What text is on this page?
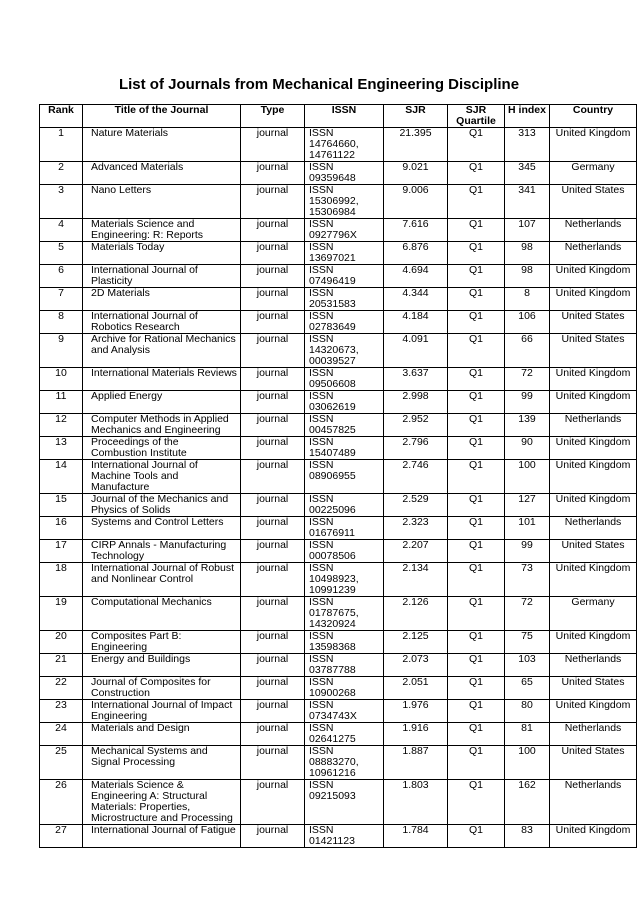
List of Journals from Mechanical Engineering Discipline
Rank	Title of the Journal	Type	ISSN	SJR	SJR Quartile	H index	Country
1	Nature Materials	journal	ISSN 14764660, 14761122	21.395	Q1	313	United Kingdom
2	Advanced Materials	journal	ISSN 09359648	9.021	Q1	345	Germany
3	Nano Letters	journal	ISSN 15306992, 15306984	9.006	Q1	341	United States
4	Materials Science and Engineering: R: Reports	journal	ISSN 0927796X	7.616	Q1	107	Netherlands
5	Materials Today	journal	ISSN 13697021	6.876	Q1	98	Netherlands
6	International Journal of Plasticity	journal	ISSN 07496419	4.694	Q1	98	United Kingdom
7	2D Materials	journal	ISSN 20531583	4.344	Q1	8	United Kingdom
8	International Journal of Robotics Research	journal	ISSN 02783649	4.184	Q1	106	United States
9	Archive for Rational Mechanics and Analysis	journal	ISSN 14320673, 00039527	4.091	Q1	66	United States
10	International Materials Reviews	journal	ISSN 09506608	3.637	Q1	72	United Kingdom
11	Applied Energy	journal	ISSN 03062619	2.998	Q1	99	United Kingdom
12	Computer Methods in Applied Mechanics and Engineering	journal	ISSN 00457825	2.952	Q1	139	Netherlands
13	Proceedings of the Combustion Institute	journal	ISSN 15407489	2.796	Q1	90	United Kingdom
14	International Journal of Machine Tools and Manufacture	journal	ISSN 08906955	2.746	Q1	100	United Kingdom
15	Journal of the Mechanics and Physics of Solids	journal	ISSN 00225096	2.529	Q1	127	United Kingdom
16	Systems and Control Letters	journal	ISSN 01676911	2.323	Q1	101	Netherlands
17	CIRP Annals - Manufacturing Technology	journal	ISSN 00078506	2.207	Q1	99	United States
18	International Journal of Robust and Nonlinear Control	journal	ISSN 10498923, 10991239	2.134	Q1	73	United Kingdom
19	Computational Mechanics	journal	ISSN 01787675, 14320924	2.126	Q1	72	Germany
20	Composites Part B: Engineering	journal	ISSN 13598368	2.125	Q1	75	United Kingdom
21	Energy and Buildings	journal	ISSN 03787788	2.073	Q1	103	Netherlands
22	Journal of Composites for Construction	journal	ISSN 10900268	2.051	Q1	65	United States
23	International Journal of Impact Engineering	journal	ISSN 0734743X	1.976	Q1	80	United Kingdom
24	Materials and Design	journal	ISSN 02641275	1.916	Q1	81	Netherlands
25	Mechanical Systems and Signal Processing	journal	ISSN 08883270, 10961216	1.887	Q1	100	United States
26	Materials Science & Engineering A: Structural Materials: Properties, Microstructure and Processing	journal	ISSN 09215093	1.803	Q1	162	Netherlands
27	International Journal of Fatigue	journal	ISSN 01421123	1.784	Q1	83	United Kingdom
